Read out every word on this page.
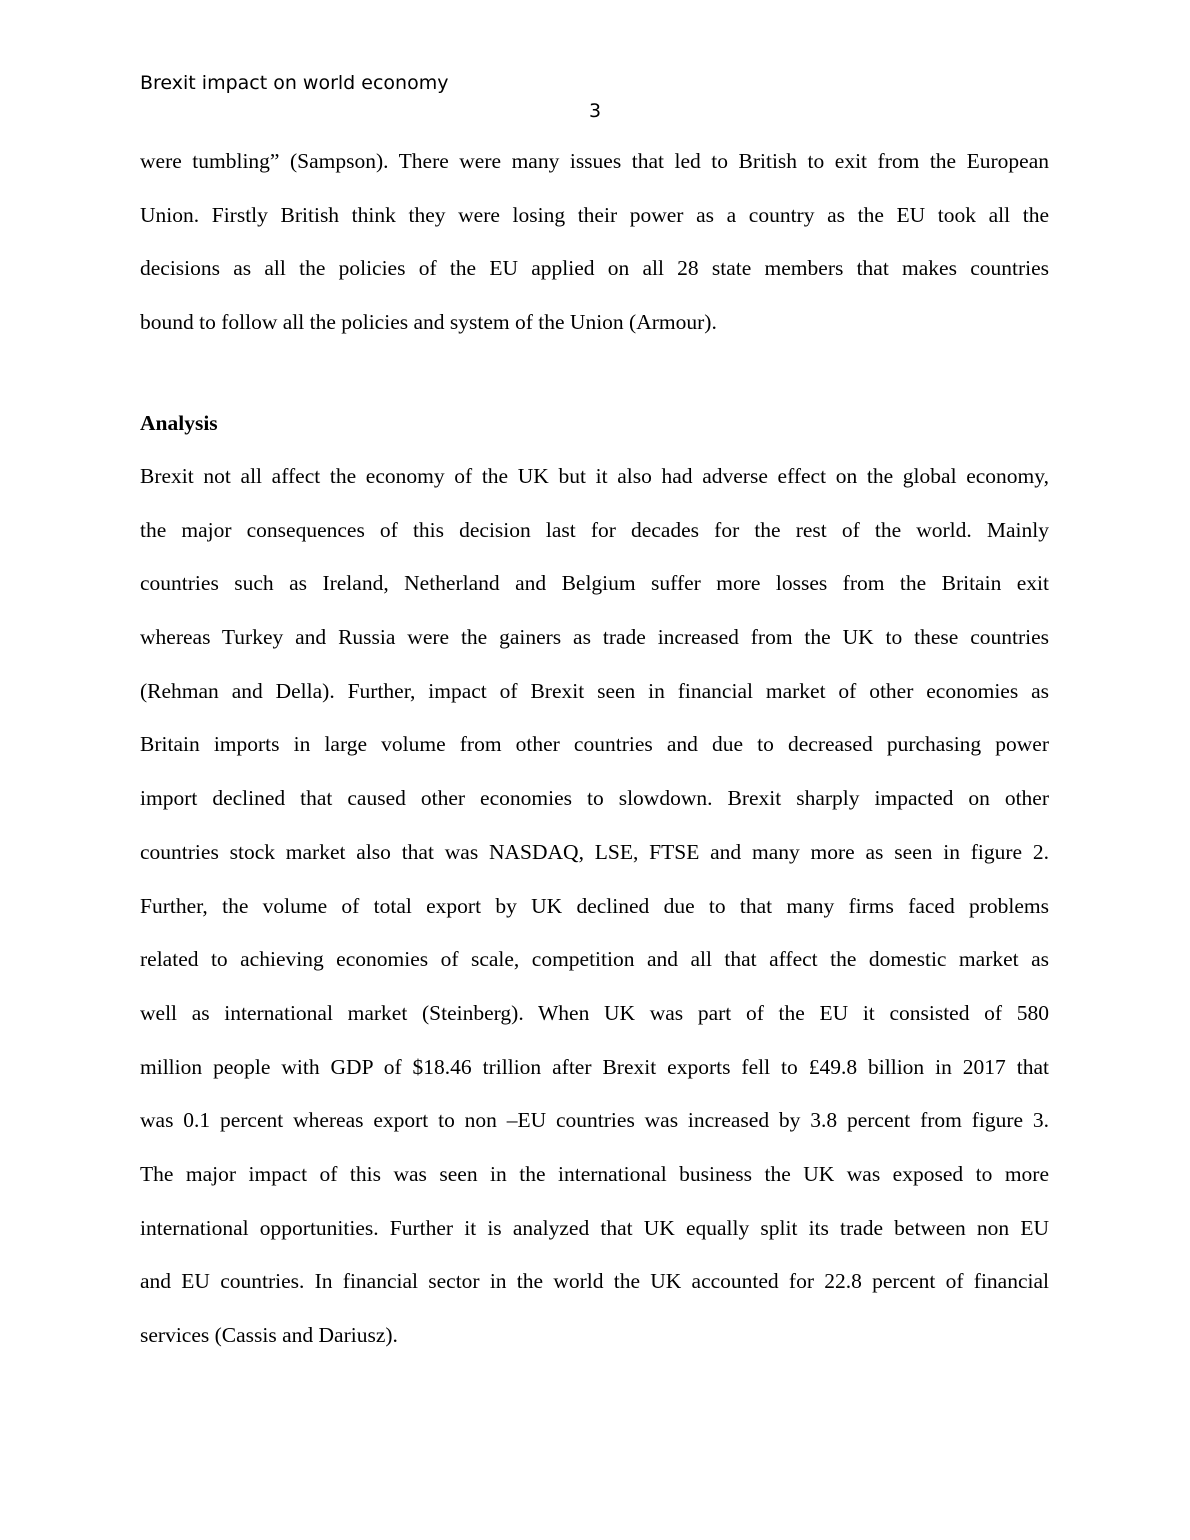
Brexit impact on world economy
3
were tumbling” (Sampson). There were many issues that led to British to exit from the European
Union. Firstly British think they were losing their power as a country as the EU took all the
decisions as all the policies of the EU applied on all 28 state members that makes countries
bound to follow all the policies and system of the Union (Armour).
Analysis
Brexit not all affect the economy of the UK but it also had adverse effect on the global economy,
the major consequences of this decision last for decades for the rest of the world. Mainly
countries such as Ireland, Netherland and Belgium suffer more losses from the Britain exit
whereas Turkey and Russia were the gainers as trade increased from the UK to these countries
(Rehman and Della). Further, impact of Brexit seen in financial market of other economies as
Britain imports in large volume from other countries and due to decreased purchasing power
import declined that caused other economies to slowdown. Brexit sharply impacted on other
countries stock market also that was NASDAQ, LSE, FTSE and many more as seen in figure 2.
Further, the volume of total export by UK declined due to that many firms faced problems
related to achieving economies of scale, competition and all that affect the domestic market as
well as international market (Steinberg). When UK was part of the EU it consisted of 580
million people with GDP of $18.46 trillion after Brexit exports fell to £49.8 billion in 2017 that
was 0.1 percent whereas export to non –EU countries was increased by 3.8 percent from figure 3.
The major impact of this was seen in the international business the UK was exposed to more
international opportunities. Further it is analyzed that UK equally split its trade between non EU
and EU countries. In financial sector in the world the UK accounted for 22.8 percent of financial
services (Cassis and Dariusz).
